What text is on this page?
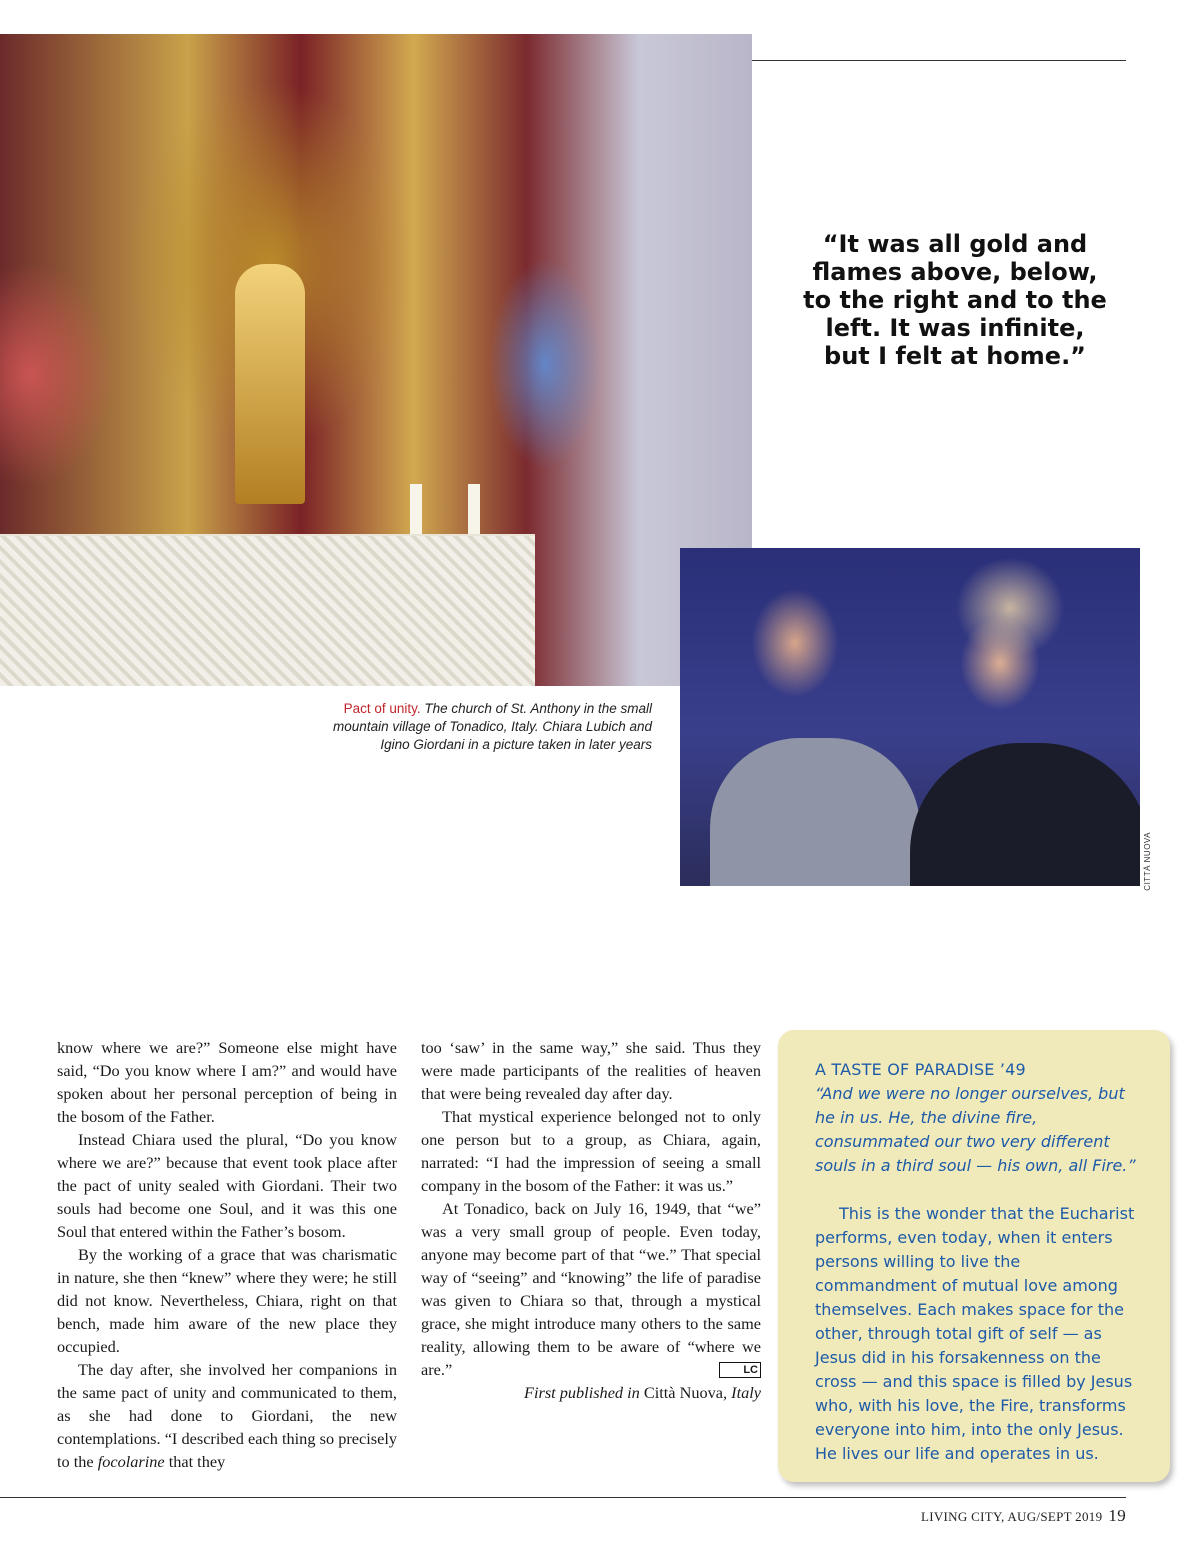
“It was all gold and flames above, below, to the right and to the left. It was infinite, but I felt at home.”
CITTÀ NUOVA
Pact of unity. The church of St. Anthony in the small mountain village of Tonadico, Italy. Chiara Lubich and Igino Giordani in a picture taken in later years

know where we are?” Someone else might have said, “Do you know where I am?” and would have spoken about her personal perception of being in the bosom of the Father.

Instead Chiara used the plural, “Do you know where we are?” because that event took place after the pact of unity sealed with Giordani. Their two souls had become one Soul, and it was this one Soul that entered within the Father’s bosom.

By the working of a grace that was charismatic in nature, she then “knew” where they were; he still did not know. Nevertheless, Chiara, right on that bench, made him aware of the new place they occupied.

The day after, she involved her companions in the same pact of unity and communicated to them, as she had done to Giordani, the new contemplations. “I described each thing so precisely to the focolarine that they

too ‘saw’ in the same way,” she said. Thus they were made participants of the realities of heaven that were being revealed day after day.

That mystical experience belonged not to only one person but to a group, as Chiara, again, narrated: “I had the impression of seeing a small company in the bosom of the Father: it was us.”

At Tonadico, back on July 16, 1949, that “we” was a very small group of people. Even today, anyone may become part of that “we.” That special way of “seeing” and “knowing” the life of paradise was given to Chiara so that, through a mystical grace, she might introduce many others to the same reality, allowing them to be aware of “where we are.”	LC

First published in Città Nuova, Italy

A TASTE OF PARADISE ’49

“And we were no longer ourselves, but he in us. He, the divine fire, consummated our two very different souls in a third soul — his own, all Fire.”

This is the wonder that the Eucharist performs, even today, when it enters persons willing to live the commandment of mutual love among themselves. Each makes space for the other, through total gift of self — as Jesus did in his forsakenness on the cross — and this space is filled by Jesus who, with his love, the Fire, transforms everyone into him, into the only Jesus. He lives our life and operates in us.

LIVING CITY, AUG/SEPT 2019 19
